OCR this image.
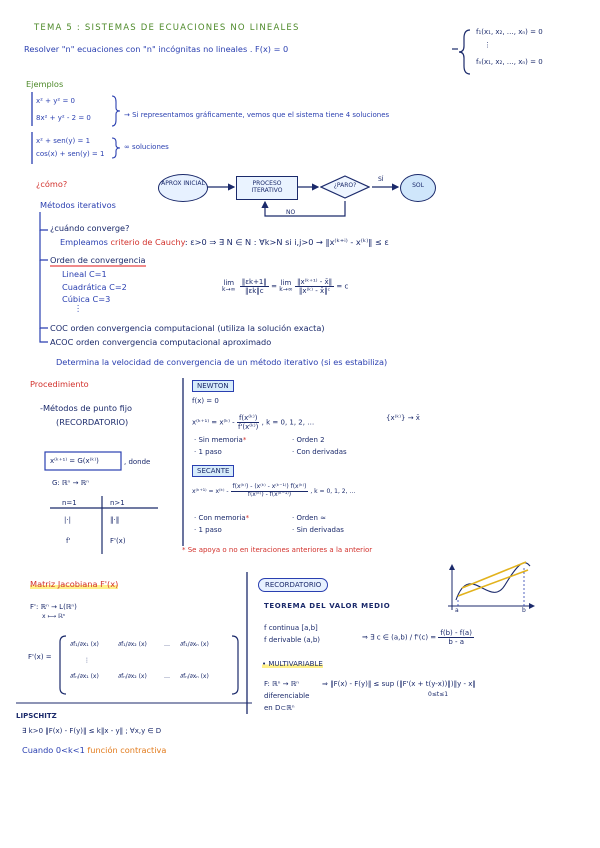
TEMA 5 : SISTEMAS DE ECUACIONES NO LINEALES
Resolver "n" ecuaciones con "n" incógnitas no lineales . F(x) = 0
f₁(x₁, x₂, …, xₙ) = 0
⋮
fₙ(x₁, x₂, …, xₙ) = 0
Ejemplos
x² + y² = 0
8x² + y² - 2 = 0	→ Si representamos gráficamente, vemos que el sistema tiene 4 soluciones
x² + sen(y) = 1
cos(x) + sen(y) = 1
∞ soluciones
¿cómo?	APROX INICIAL	PROCESO ITERATIVO
¿PARO?	SOL
SÍ
NO
Métodos iterativos
¿cuándo converge?
Empleamos criterio de Cauchy: ε>0 ⇒ ∃ N ∈ N : ∀k>N si i,j>0 → ‖x⁽ᵏ⁺ⁱ⁾ - x⁽ᵏ⁾‖ ≤ ε
Orden de convergencia
Lineal C=1
Cuadrática C=2
Cúbica C=3
⋮
lim
k→∞
$\frac{‖\varepsilon k+1‖}{‖\varepsilon k‖c} = \lim$
k→∞
$\frac{\text{‖x⁽ᵏ⁺¹⁾ - x̄‖}}{\text{‖x⁽ᵏ⁾ - x̄‖ᶜ}} = c$
COC orden convergencia computacional (utiliza la solución exacta)
ACOC orden convergencia computacional aproximado
Determina la velocidad de convergencia de un método iterativo (si es estabiliza)
Procedimiento
-Métodos de punto fijo
(RECORDATORIO)
x⁽ᵏ⁺¹⁾ = G(x⁽ᵏ⁾)	, donde
G: ℝⁿ → ℝⁿ
n=1	n>1
|·|	‖·‖
f'	F'(x)
NEWTON
f(x) = 0
x⁽ᵏ⁺¹⁾ = x⁽ᵏ⁾ - $\frac{\text{f(x⁽ᵏ⁾)}}{\text{f'(x⁽ᵏ⁾)}}$ , k = 0, 1, 2, …
{x⁽ᵏ⁾} → x̄
· Sin memoria*
· 1 paso
· Orden 2
· Con derivadas
SECANTE
x⁽ᵏ⁺¹⁾ = x⁽ᵏ⁾ - $\frac{\text{f(x⁽ᵏ⁾) - (x⁽ᵏ⁾ - x⁽ᵏ⁻¹⁾) f(x⁽ᵏ⁾)}}{\text{f(x⁽ᵏ⁾) - f(x⁽ᵏ⁻¹⁾)}}$ , k = 0, 1, 2, …
· Con memoria*
· 1 paso
· Orden ≈
· Sin derivadas
* Se apoya o no en iteraciones anteriores a la anterior
Matriz Jacobiana F'(x)
F': ℝⁿ → L(ℝⁿ)
x ⟼ ℝⁿ
F'(x) =
∂f₁/∂x₁ (x)	∂f₁/∂x₂ (x)	… ∂f₁/∂xₙ (x)
⋮
∂fₙ/∂x₁ (x)	∂fₙ/∂x₂ (x)	… ∂fₙ/∂xₙ (x)
RECORDATORIO
TEOREMA DEL VALOR MEDIO
f continua [a,b]
f derivable (a,b)	⇒ ∃ c ∈ $(a,b) / f'(c) = \frac{f(b) - f(a)}{b - a}$
• MULTIVARIABLE
F: ℝⁿ → ℝⁿ	⇒ ‖F(x) - F(y)‖ ≤ sup (‖F'(x + t(y-x))‖)‖y - x‖
0≤t≤1
diferenciable
en D⊂ℝⁿ
a	b
LIPSCHITZ
∃ k>0 ‖F(x) - F(y)‖ ≤ k‖x - y‖ ; ∀x,y ∈ D
Cuando 0<k<1 función contractiva
